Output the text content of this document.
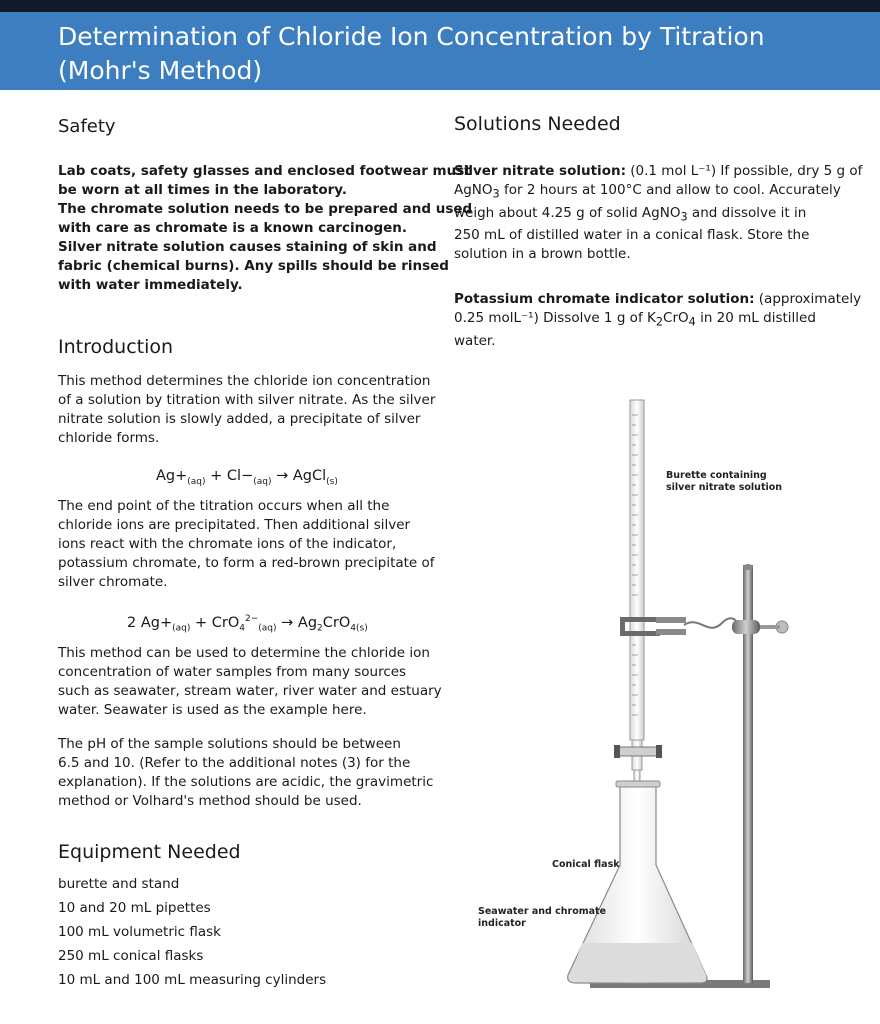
Determination of Chloride Ion Concentration by Titration
(Mohr's Method)
Safety
Lab coats, safety glasses and enclosed footwear must
be worn at all times in the laboratory.
The chromate solution needs to be prepared and used
with care as chromate is a known carcinogen.
Silver nitrate solution causes staining of skin and
fabric (chemical burns). Any spills should be rinsed
with water immediately.
Introduction
This method determines the chloride ion concentration
of a solution by titration with silver nitrate. As the silver
nitrate solution is slowly added, a precipitate of silver
chloride forms.
$Ag+_{(aq)} + Cl-_{(aq)}$ → AgCl$_{(s)}$
The end point of the titration occurs when all the
chloride ions are precipitated. Then additional silver
ions react with the chromate ions of the indicator,
potassium chromate, to form a red-brown precipitate of
silver chromate.
2 $Ag+_{(aq)} + CrO_4^{2-}_{(aq)} \to Ag_2CrO_{4(s)}$
This method can be used to determine the chloride ion
concentration of water samples from many sources
such as seawater, stream water, river water and estuary
water. Seawater is used as the example here.
The pH of the sample solutions should be between
6.5 and 10. (Refer to the additional notes (3) for the
explanation). If the solutions are acidic, the gravimetric
method or Volhard's method should be used.
Equipment Needed
burette and stand
10 and 20 mL pipettes
100 mL volumetric flask
250 mL conical flasks
10 mL and 100 mL measuring cylinders
Solutions Needed
Silver nitrate solution: (0.1 mol L⁻¹) If possible, dry 5 g of
AgNO$_3$ for 2 hours at 100°C and allow to cool. Accurately
weigh about 4.25 g of solid AgNO$_3$ and dissolve it in
250 mL of distilled water in a conical flask. Store the
solution in a brown bottle.
Potassium chromate indicator solution: (approximately
0.25 molL⁻¹) Dissolve 1 g of $K_2CrO_4$ in 20 mL distilled
water.
Burette containing
silver nitrate solution
Conical flask
Seawater and chromate
indicator
